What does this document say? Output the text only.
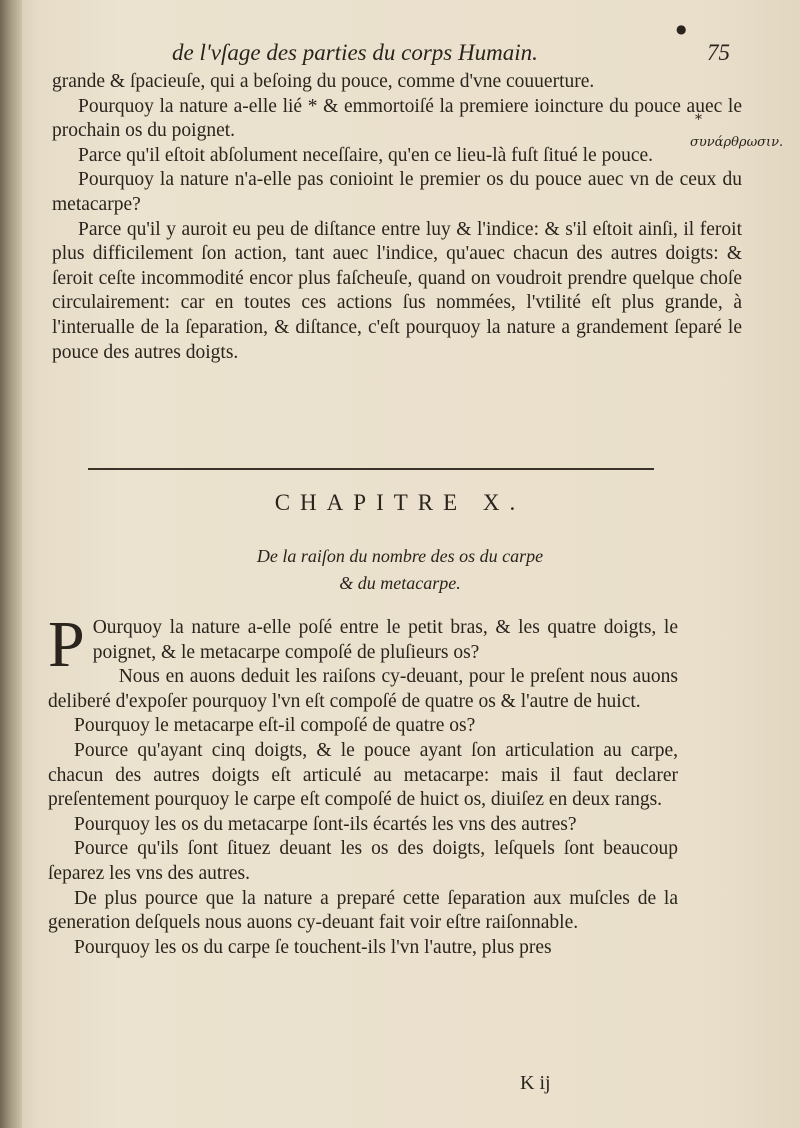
●
*
de l'vſage des parties du corps Humain.	75

grande & ſpacieuſe, qui a beſoing du pouce, comme d'vne couuerture.

Pourquoy la nature a-elle lié * & emmortoiſé la premiere ioincture du pouce auec le prochain os du poignet.

Parce qu'il eſtoit abſolument neceſſaire, qu'en ce lieu-là fuſt ſitué le pouce.

Pourquoy la nature n'a-elle pas conioint le premier os du pouce auec vn de ceux du metacarpe?

Parce qu'il y auroit eu peu de diſtance entre luy & l'indice: & s'il eſtoit ainſi, il feroit plus difficilement ſon action, tant auec l'indice, qu'auec chacun des autres doigts: & ſeroit ceſte incommodité encor plus faſcheuſe, quand on voudroit prendre quelque choſe circulairement: car en toutes ces actions ſus nommées, l'vtilité eſt plus grande, à l'interualle de la ſeparation, & diſtance, c'eſt pourquoy la nature a grandement ſeparé le pouce des autres doigts.

συνάρθρωσιν.
CHAPITRE X.
De la raiſon du nombre des os du carpe
& du metacarpe.

P Ourquoy la nature a-elle poſé entre le petit bras, & les quatre doigts, le poignet, & le metacarpe compoſé de pluſieurs os?

Nous en auons deduit les raiſons cy-deuant, pour le preſent nous auons deliberé d'expoſer pourquoy l'vn eſt compoſé de quatre os & l'autre de huict.

Pourquoy le metacarpe eſt-il compoſé de quatre os?

Pource qu'ayant cinq doigts, & le pouce ayant ſon articulation au carpe, chacun des autres doigts eſt articulé au metacarpe: mais il faut declarer preſentement pourquoy le carpe eſt compoſé de huict os, diuiſez en deux rangs.

Pourquoy les os du metacarpe ſont-ils écartés les vns des autres?

Pource qu'ils ſont ſituez deuant les os des doigts, leſquels ſont beaucoup ſeparez les vns des autres.

De plus pource que la nature a preparé cette ſeparation aux muſcles de la generation deſquels nous auons cy-deuant fait voir eſtre raiſonnable.

Pourquoy les os du carpe ſe touchent-ils l'vn l'autre, plus pres

K ij
